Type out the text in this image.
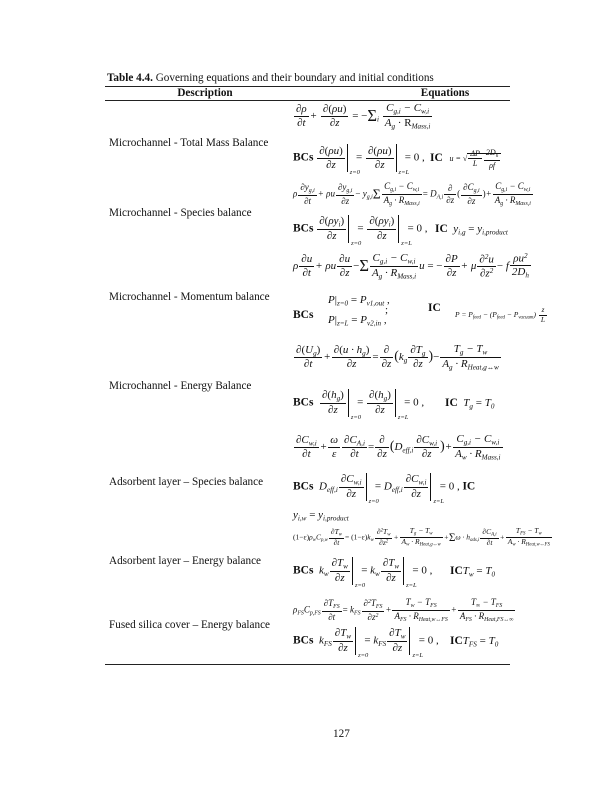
Table 4.4. Governing equations and their boundary and initial conditions
Description	Equations
Microchannel - Total Mass Balance
$\frac{\partial\rho}{\partial t} + \frac{\partial(\rho u)}{\partial z} = -\Sigma_i \frac{C_{g,i} - C_{w,i}}{A_g \cdot R_{Mass,i}}$
BCs $\frac{\partial(\rho u)}{\partial z}$
z=0
= $\frac{\partial(\rho u)}{\partial z}$
z=L
= 0 , IC   u = √ $\frac{\Delta P}{L} \frac{2D_h}{\rho f}$
Microchannel - Species balance
ρ $\frac{\partial y_{g,i}}{\partial t} + \rho u \frac{\partial y_{g,i}}{\partial z} - y_{g,i}\Sigma \frac{C_{g,i} - C_{w,i}}{A_g \cdot R_{Mass,i}} = D_{A,i} \frac{\partial}{\partial z}$ ( $\frac{\partial C_{g,i}}{\partial z}$ )+ $\frac{C_{g,i} - C_{w,i}}{A_g \cdot R_{Mass,i}}$
BCs $\frac{\partial(\rho y_i)}{\partial z}$
z=0
= $\frac{\partial(\rho y_i)}{\partial z}$
z=L
= 0 , IC  $y_{i,g} = y_{i,product}$
Microchannel - Momentum balance
ρ $\frac{\partial u}{\partial t} + \rho u \frac{\partial u}{\partial z} -\Sigma \frac{C_{g,i} - C_{w,i}}{A_g \cdot R_{Mass,i}}$ u = − $\frac{\partial P}{\partial z} + \mu \frac{\partial^2u}{\partial z^2} - f \frac{\rho u^2}{2D_h}$
BCs
$P|_{z=0} = P_{v1,out}$ ,
$P|_{z=L} = P_{v2,in}$ ,
;	IC
$P = P_{feed} - (P_{feed} - P_{vacuum}) \frac{z}{L}$
Microchannel - Energy Balance
$\frac{\partial(U_g)}{\partial t} + \frac{\partial(u \cdot h_g)}{\partial z} = \frac{\partial}{\partial z} (k_g \frac{\partial T_g}{\partial z}$ )− $\frac{T_g - T_w}{A_g \cdot R_{Heat,g\leftrightarrow w}}$
BCs $\frac{\partial(h_g)}{\partial z}$
z=0
= $\frac{\partial(h_g)}{\partial z}$
z=L
= 0 , IC  $T_g = T_0$
Adsorbent layer – Species balance
$\frac{\partial C_{w,i}}{\partial t} + \frac{\omega}{\varepsilon} \frac{\partial C_{A,i}}{\partial t} = \frac{\partial}{\partial z} (D_{eff,i} \frac{\partial C_{w,i}}{\partial z}$ )+ $\frac{C_{g,i} - C_{w,i}}{A_w \cdot R_{Mass,i}}$
BCs  $D_{eff,i} \frac{\partial C_{w,i}}{\partial z}$
z=0
= $D_{eff,i} \frac{\partial C_{w,i}}{\partial z}$
z=L
= 0 , IC
$y_{i,w} = y_{i,product}$
Adsorbent layer – Energy balance
$(1-\varepsilon)\rho_wC_{p,w} \frac{\partial T_w}{\partial t} = (1-\varepsilon)k_w \frac{\partial^2T_w}{\partial z^2} + \frac{T_g - T_w}{A_w \cdot R_{Heat,g\leftrightarrow w}} +\Sigma\omega \cdot h_{ads,i} \frac{\partial C_{A,i}}{\partial t} + \frac{T_{FS} - T_w}{A_w \cdot R_{Heat,w\leftrightarrow FS}}$
BCs  $k_w \frac{\partial T_w}{\partial z}$
z=0
= $k_w \frac{\partial T_w}{\partial z}$
z=L
= 0 , $ICT_w = T_0$
Fused silica cover – Energy balance
$\rho_{FS}C_{p,FS} \frac{\partial T_{FS}}{\partial t} = k_{FS} \frac{\partial^2T_{FS}}{\partial z^2} + \frac{T_w - T_{FS}}{A_{FS} \cdot R_{Heat,w\leftrightarrow FS}} + \frac{T_\infty - T_{FS}}{A_{FS} \cdot R_{Heat,FS\leftrightarrow\infty}}$
BCs  $k_{FS} \frac{\partial T_w}{\partial z}$
z=0
= $k_{FS} \frac{\partial T_w}{\partial z}$
z=L
= 0 , $ICT_{FS} = T_0$
127
